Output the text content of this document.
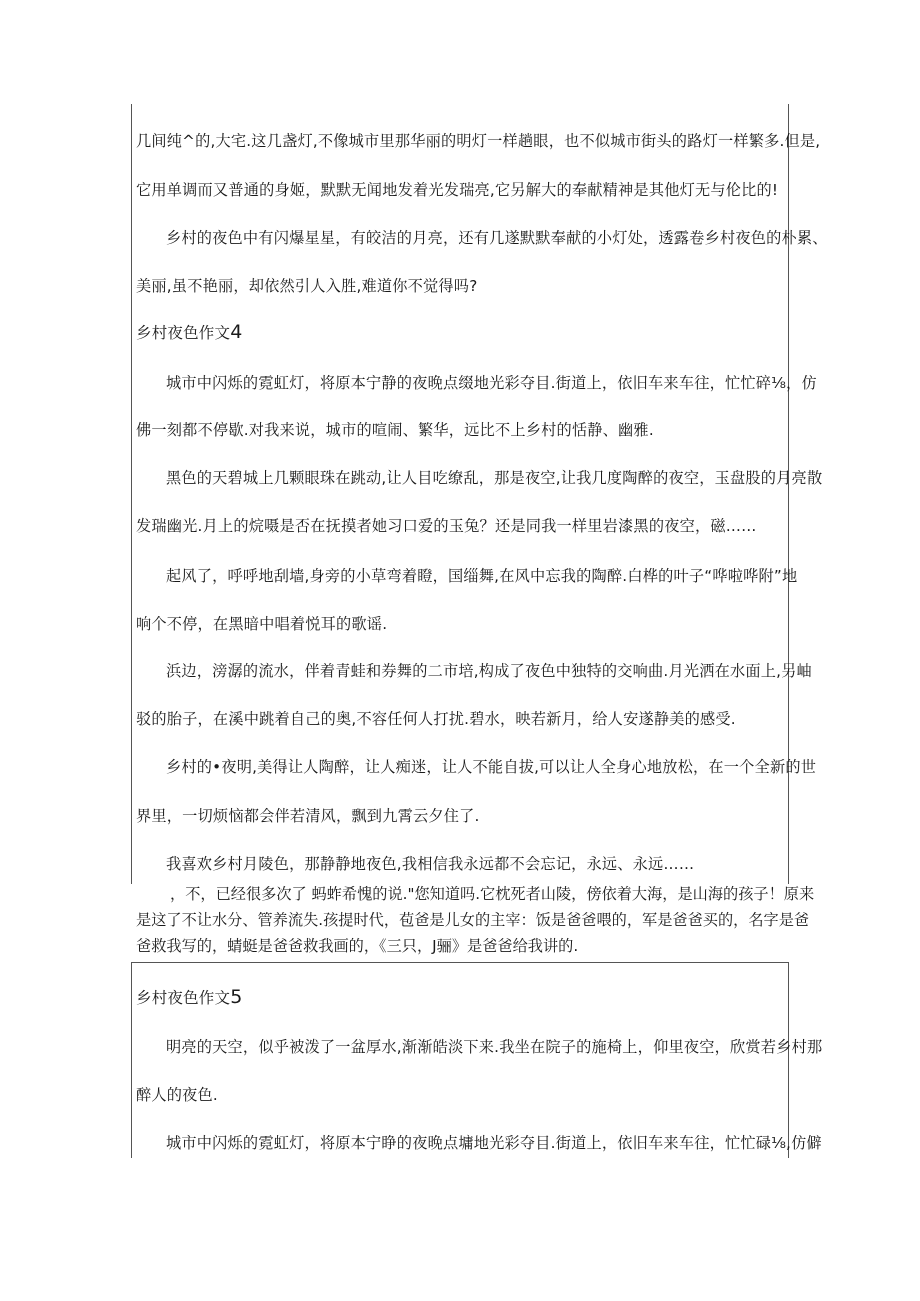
几间纯^的,大宅.这几盏灯,不像城市里那华丽的明灯一样趟眼，也不似城市街头的路灯一样繁多.但是,
它用单调而又普通的身姬，默默无闻地发着光发瑞亮,它另解大的奉献精神是其他灯无与伦比的!
乡村的夜色中有闪爆星星，有皎洁的月亮，还有几遂默默奉献的小灯处，透露卷乡村夜色的朴累、
美丽,虽不艳丽，却依然引人入胜,难道你不觉得吗?
乡村夜色作文4
城市中闪烁的霓虹灯，将原本宁静的夜晚点缀地光彩夺目.街道上，依旧车来车往，忙忙碎⅛，仿
佛一刻都不停歇.对我来说，城市的喧闹、繁华，远比不上乡村的恬静、幽雅.
黑色的天碧城上几颗眼珠在跳动,让人目吃缭乱，那是夜空,让我几度陶醉的夜空，玉盘股的月亮散
发瑞幽光.月上的烷嗫是否在抚摸者她习口爱的玉兔？还是同我一样里岩漆黑的夜空，磁……
起风了，呼呼地刮墙,身旁的小草弯着瞪，国缁舞,在风中忘我的陶醉.白桦的叶子“哗啦哗附”地
响个不停，在黑暗中唱着悦耳的歌谣.
浜边，滂潺的流水，伴着青蛙和券舞的二市培,构成了夜色中独特的交响曲.月光洒在水面上,另岫
驳的胎子，在溪中跳着自己的奥,不容任何人打扰.碧水，映若新月，给人安遂静美的感受.
乡村的•夜明,美得让人陶醉，让人痴迷，让人不能自拔,可以让人全身心地放松，在一个全新的世
界里，一切烦恼都会伴若清风，飘到九霄云夕住了.
我喜欢乡村月陵色，那静静地夜色,我相信我永远都不会忘记，永远、永远……
，不，已经很多次了 蚂蚱希愧的说."您知道吗.它枕死者山陵，傍依着大海，是山海的孩子！原来
是这了不让水分、管养流失.孩提时代，苞爸是儿女的主宰：饭是爸爸喂的，军是爸爸买的，名字是爸
爸救我写的，蜻蜓是爸爸救我画的，《三只，J骊》是爸爸给我讲的.
乡村夜色作文5
明亮的天空，似乎被泼了一盆厚水,渐渐皓淡下来.我坐在院子的施椅上，仰里夜空，欣赏若乡村那
醉人的夜色.
城市中闪烁的霓虹灯，将原本宁睁的夜晚点墉地光彩夺目.街道上，依旧车来车往，忙忙碌⅛,仿僻
